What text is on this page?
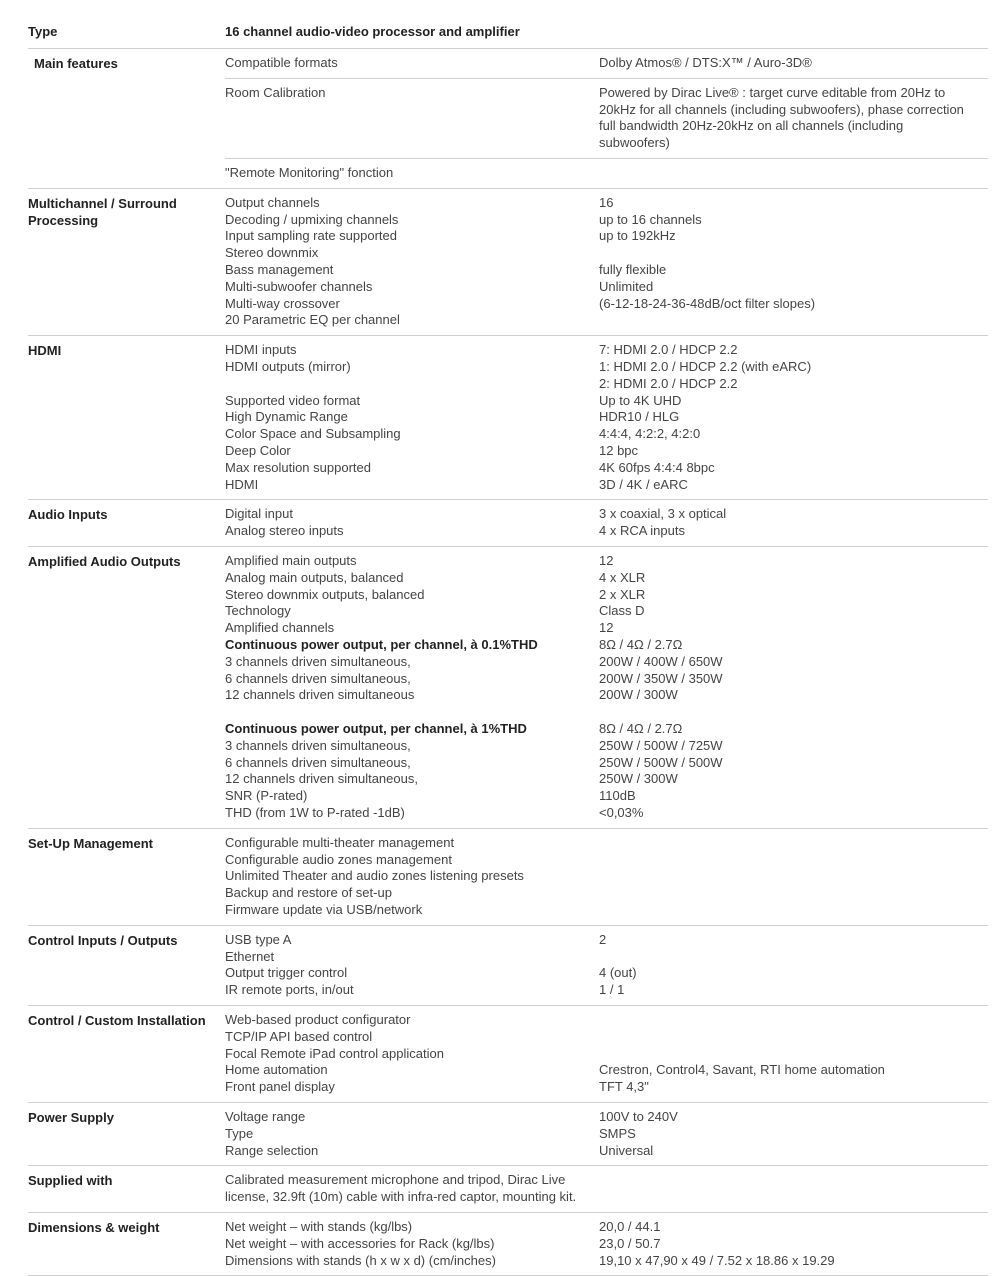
Type	16 channel audio-video processor and amplifier
Main features	Compatible formats	Dolby Atmos® / DTS:X™ / Auro-3D®
Room Calibration	Powered by Dirac Live® : target curve editable from 20Hz to 20kHz for all channels (including subwoofers), phase correction full bandwidth 20Hz-20kHz on all channels (including subwoofers)
"Remote Monitoring" fonction
Multichannel / Surround Processing
Output channels	16
Decoding / upmixing channels	up to 16 channels
Input sampling rate supported	up to 192kHz
Stereo downmix
Bass management	fully flexible
Multi-subwoofer channels	Unlimited
Multi-way crossover	(6-12-18-24-36-48dB/oct filter slopes)
20 Parametric EQ per channel
HDMI	HDMI inputs	7: HDMI 2.0 / HDCP 2.2
HDMI outputs (mirror)	1: HDMI 2.0 / HDCP 2.2 (with eARC)
2: HDMI 2.0 / HDCP 2.2
Supported video format	Up to 4K UHD
High Dynamic Range	HDR10 / HLG
Color Space and Subsampling	4:4:4, 4:2:2, 4:2:0
Deep Color	12 bpc
Max resolution supported	4K 60fps 4:4:4 8bpc
HDMI	3D / 4K / eARC
Audio Inputs	Digital input	3 x coaxial, 3 x optical
Analog stereo inputs	4 x RCA inputs
Amplified Audio Outputs	Amplified main outputs	12
Analog main outputs, balanced	4 x XLR
Stereo downmix outputs, balanced	2 x XLR
Technology	Class D
Amplified channels	12
Continuous power output, per channel, à 0.1%THD	8Ω / 4Ω / 2.7Ω
3 channels driven simultaneous,	200W / 400W / 650W
6 channels driven simultaneous,	200W / 350W / 350W
12 channels driven simultaneous	200W / 300W
Continuous power output, per channel, à 1%THD	8Ω / 4Ω / 2.7Ω
3 channels driven simultaneous,	250W / 500W / 725W
6 channels driven simultaneous,	250W / 500W / 500W
12 channels driven simultaneous,	250W / 300W
SNR (P-rated)	110dB
THD (from 1W to P-rated -1dB)	<0,03%
Set-Up Management	Configurable multi-theater management
Configurable audio zones management
Unlimited Theater and audio zones listening presets
Backup and restore of set-up
Firmware update via USB/network
Control Inputs / Outputs	USB type A	2
Ethernet
Output trigger control	4 (out)
IR remote ports, in/out	1 / 1
Control / Custom Installation	Web-based product configurator
TCP/IP API based control
Focal Remote iPad control application
Home automation	Crestron, Control4, Savant, RTI home automation
Front panel display	TFT 4,3"
Power Supply	Voltage range	100V to 240V
Type	SMPS
Range selection	Universal
Supplied with	Calibrated measurement microphone and tripod, Dirac Live license, 32.9ft (10m) cable with infra-red captor, mounting kit.
Dimensions & weight	Net weight – with stands (kg/lbs)	20,0 / 44.1
Net weight – with accessories for Rack (kg/lbs)	23,0 / 50.7
Dimensions with stands (h x w x d) (cm/inches)	19,10 x 47,90 x 49 / 7.52 x 18.86 x 19.29
